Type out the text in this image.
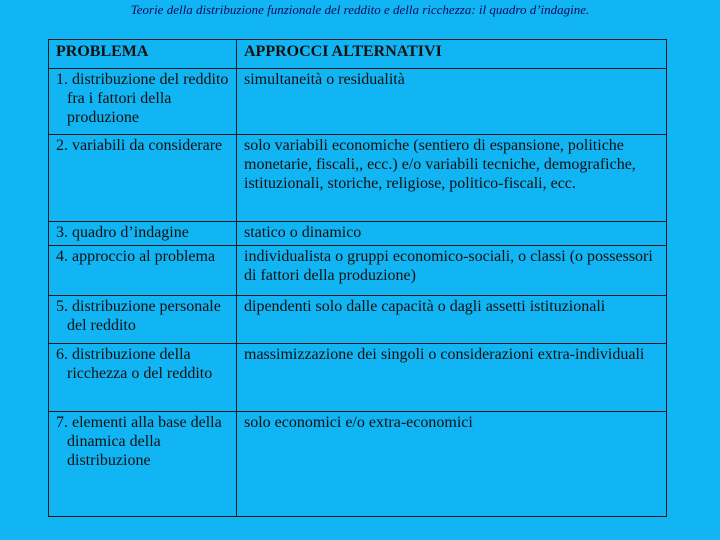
Teorie della distribuzione funzionale del reddito e della ricchezza: il quadro d’indagine.
PROBLEMA	APPROCCI ALTERNATIVI
1. distribuzione del reddito fra i fattori della produzione	simultaneità o residualità
2. variabili da considerare	solo variabili economiche (sentiero di espansione, politiche monetarie, fiscali,, ecc.) e/o variabili tecniche, demografiche, istituzionali, storiche, religiose, politico-fiscali, ecc.
3. quadro d’indagine	statico o dinamico
4. approccio al problema	individualista o gruppi economico-sociali, o classi (o possessori di fattori della produzione)
5. distribuzione personale del reddito	dipendenti solo dalle capacità o dagli assetti istituzionali
6. distribuzione della ricchezza o del reddito	massimizzazione dei singoli o considerazioni extra-individuali
7. elementi alla base della dinamica della distribuzione	solo economici e/o extra-economici
